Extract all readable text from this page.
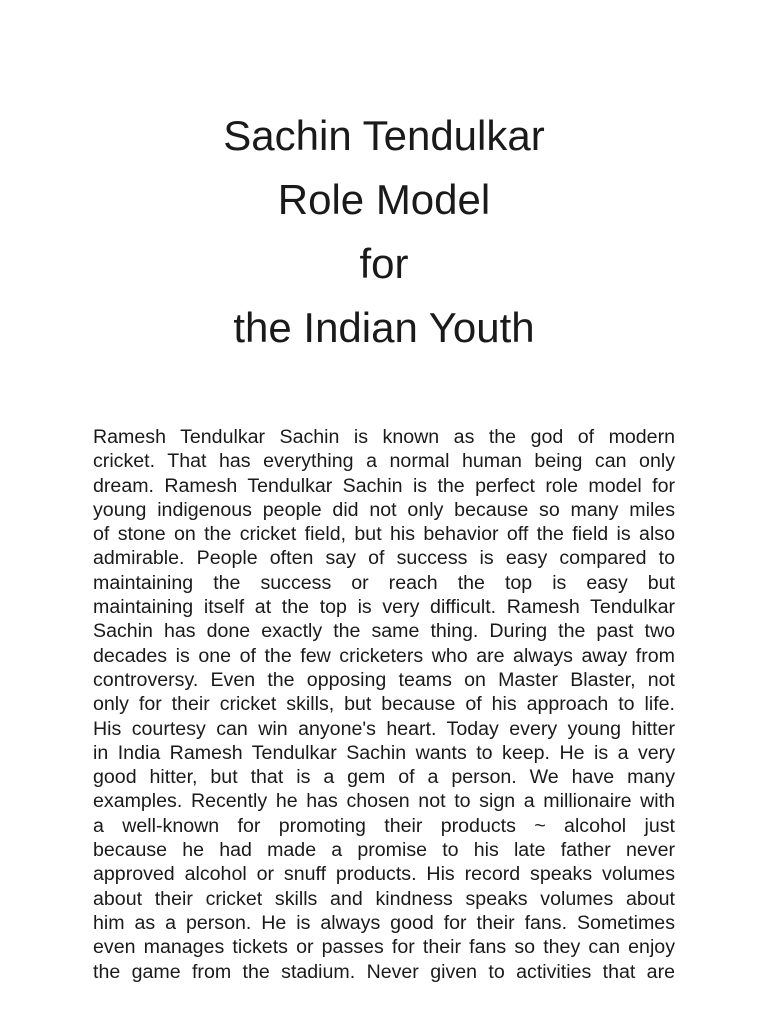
Sachin Tendulkar
Role Model
for
the Indian Youth
Ramesh Tendulkar Sachin is known as the god of modern
cricket. That has everything a normal human being can only
dream. Ramesh Tendulkar Sachin is the perfect role model for
young indigenous people did not only because so many miles
of stone on the cricket field, but his behavior off the field is also
admirable. People often say of success is easy compared to
maintaining the success or reach the top is easy but
maintaining itself at the top is very difficult. Ramesh Tendulkar
Sachin has done exactly the same thing. During the past two
decades is one of the few cricketers who are always away from
controversy. Even the opposing teams on Master Blaster, not
only for their cricket skills, but because of his approach to life.
His courtesy can win anyone's heart. Today every young hitter
in India Ramesh Tendulkar Sachin wants to keep. He is a very
good hitter, but that is a gem of a person. We have many
examples. Recently he has chosen not to sign a millionaire with
a well-known for promoting their products ~ alcohol just
because he had made a promise to his late father never
approved alcohol or snuff products. His record speaks volumes
about their cricket skills and kindness speaks volumes about
him as a person. He is always good for their fans. Sometimes
even manages tickets or passes for their fans so they can enjoy
the game from the stadium. Never given to activities that are
